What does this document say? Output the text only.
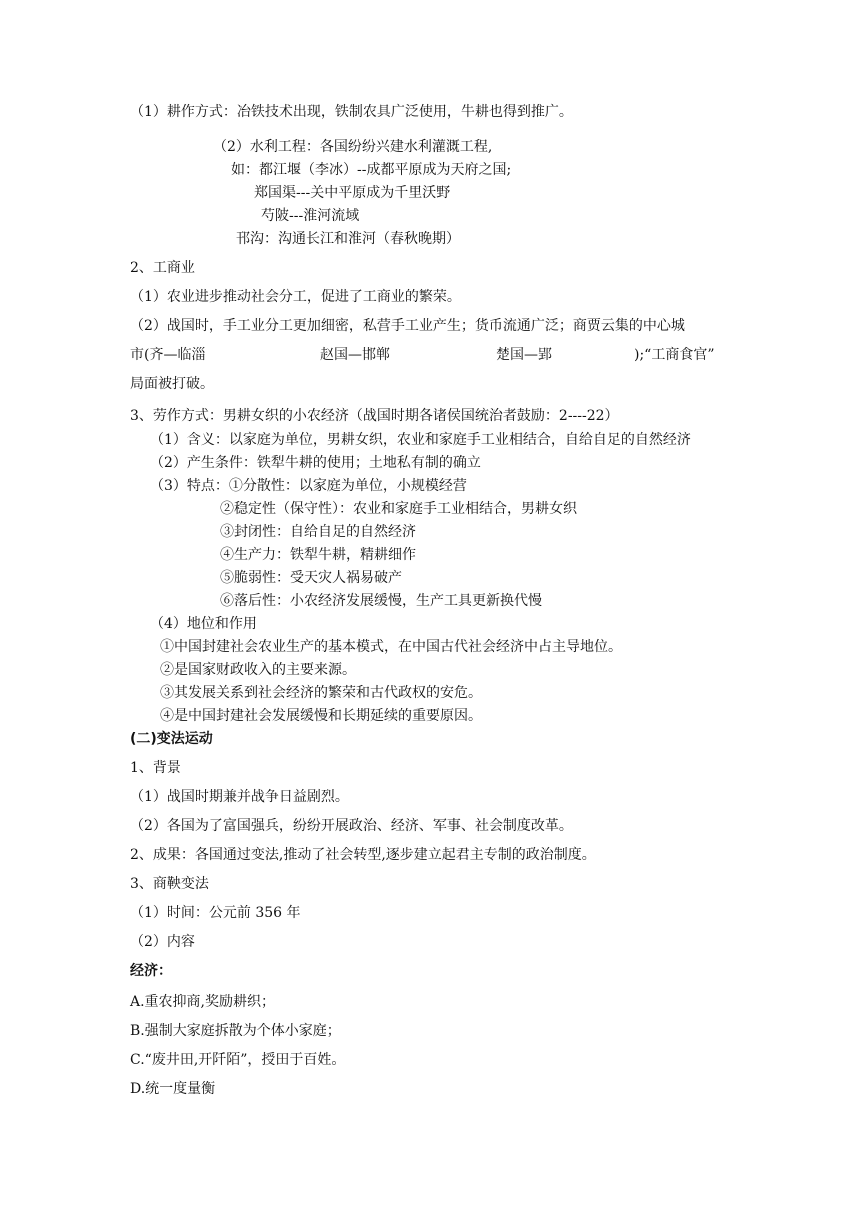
（1）耕作方式：冶铁技术出现，铁制农具广泛使用，牛耕也得到推广。
（2）水利工程：各国纷纷兴建水利灌溉工程,
如：都江堰（李冰）--成都平原成为天府之国;
郑国渠---关中平原成为千里沃野
芍陂---淮河流域
邗沟：沟通长江和淮河（春秋晚期）
2、工商业
（1）农业进步推动社会分工，促进了工商业的繁荣。
（2）战国时，手工业分工更加细密，私营手工业产生；货币流通广泛；商贾云集的中心城
市(齐—临淄	赵国—邯郸	楚国—郢	);“工商食官”
局面被打破。
3、劳作方式：男耕女织的小农经济（战国时期各诸侯国统治者鼓励：2----22）
（1）含义：以家庭为单位，男耕女织，农业和家庭手工业相结合，自给自足的自然经济
（2）产生条件：铁犁牛耕的使用；土地私有制的确立
（3）特点：①分散性：以家庭为单位，小规模经营
②稳定性（保守性）：农业和家庭手工业相结合，男耕女织
③封闭性：自给自足的自然经济
④生产力：铁犁牛耕，精耕细作
⑤脆弱性：受天灾人祸易破产
⑥落后性：小农经济发展缓慢，生产工具更新换代慢
（4）地位和作用
①中国封建社会农业生产的基本模式，在中国古代社会经济中占主导地位。
②是国家财政收入的主要来源。
③其发展关系到社会经济的繁荣和古代政权的安危。
④是中国封建社会发展缓慢和长期延续的重要原因。
(二)变法运动
1、背景
（1）战国时期兼并战争日益剧烈。
（2）各国为了富国强兵，纷纷开展政治、经济、军事、社会制度改革。
2、成果：各国通过变法,推动了社会转型,逐步建立起君主专制的政治制度。
3、商鞅变法
（1）时间：公元前 356 年
（2）内容
经济：
A.重农抑商,奖励耕织；
B.强制大家庭拆散为个体小家庭；
C.“废井田,开阡陌”，授田于百姓。
D.统一度量衡
